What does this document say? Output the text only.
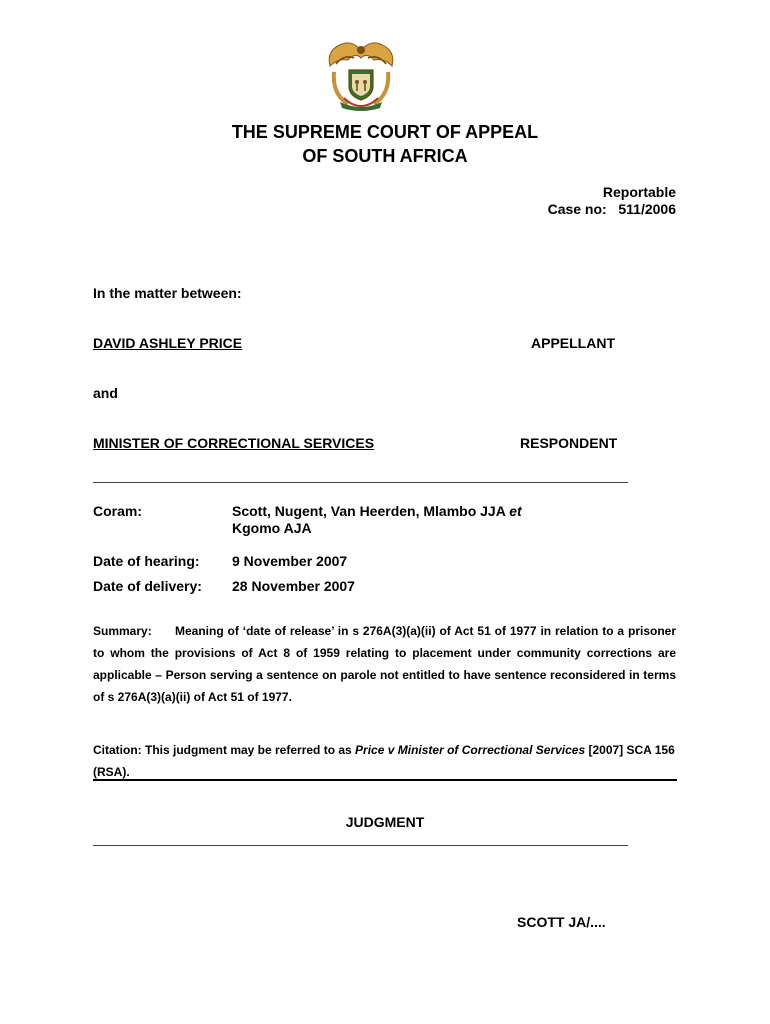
THE SUPREME COURT OF APPEAL
OF SOUTH AFRICA
Reportable
Case no: 511/2006
In the matter between:
DAVID ASHLEY PRICE	APPELLANT
and
MINISTER OF CORRECTIONAL SERVICES	RESPONDENT
Coram:	Scott, Nugent, Van Heerden, Mlambo JJA et
Kgomo AJA
Date of hearing: 9 November 2007
Date of delivery: 28 November 2007
Summary: Meaning of ‘date of release’ in s 276A(3)(a)(ii) of Act 51 of 1977 in relation to a prisoner to whom the provisions of Act 8 of 1959 relating to placement under community corrections are applicable – Person serving a sentence on parole not entitled to have sentence reconsidered in terms of s 276A(3)(a)(ii) of Act 51 of 1977.
Citation: This judgment may be referred to as Price v Minister of Correctional Services [2007] SCA 156 (RSA).
JUDGMENT
SCOTT JA/....
